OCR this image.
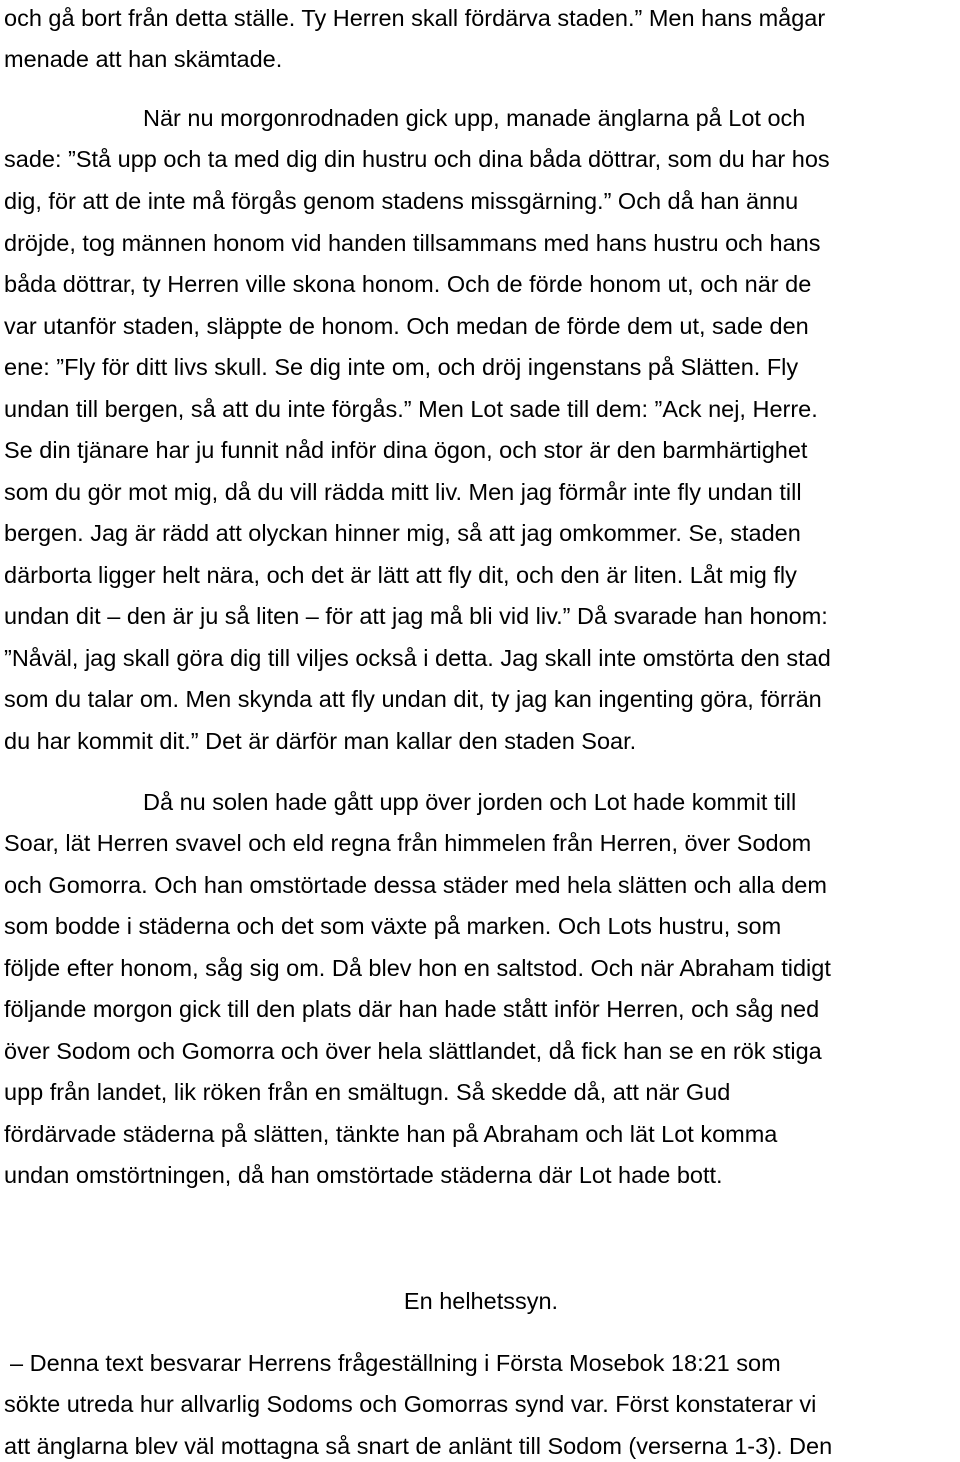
och gå bort från detta ställe. Ty Herren skall fördärva staden.” Men hans mågar
menade att han skämtade.
När nu morgonrodnaden gick upp, manade änglarna på Lot och
sade: ”Stå upp och ta med dig din hustru och dina båda döttrar, som du har hos
dig, för att de inte må förgås genom stadens missgärning.” Och då han ännu
dröjde, tog männen honom vid handen tillsammans med hans hustru och hans
båda döttrar, ty Herren ville skona honom. Och de förde honom ut, och när de
var utanför staden, släppte de honom. Och medan de förde dem ut, sade den
ene: ”Fly för ditt livs skull. Se dig inte om, och dröj ingenstans på Slätten. Fly
undan till bergen, så att du inte förgås.” Men Lot sade till dem: ”Ack nej, Herre.
Se din tjänare har ju funnit nåd inför dina ögon, och stor är den barmhärtighet
som du gör mot mig, då du vill rädda mitt liv. Men jag förmår inte fly undan till
bergen. Jag är rädd att olyckan hinner mig, så att jag omkommer. Se, staden
därborta ligger helt nära, och det är lätt att fly dit, och den är liten. Låt mig fly
undan dit – den är ju så liten – för att jag må bli vid liv.” Då svarade han honom:
”Nåväl, jag skall göra dig till viljes också i detta. Jag skall inte omstörta den stad
som du talar om. Men skynda att fly undan dit, ty jag kan ingenting göra, förrän
du har kommit dit.” Det är därför man kallar den staden Soar.
Då nu solen hade gått upp över jorden och Lot hade kommit till
Soar, lät Herren svavel och eld regna från himmelen från Herren, över Sodom
och Gomorra. Och han omstörtade dessa städer med hela slätten och alla dem
som bodde i städerna och det som växte på marken. Och Lots hustru, som
följde efter honom, såg sig om. Då blev hon en saltstod. Och när Abraham tidigt
följande morgon gick till den plats där han hade stått inför Herren, och såg ned
över Sodom och Gomorra och över hela slättlandet, då fick han se en rök stiga
upp från landet, lik röken från en smältugn. Så skedde då, att när Gud
fördärvade städerna på slätten, tänkte han på Abraham och lät Lot komma
undan omstörtningen, då han omstörtade städerna där Lot hade bott.
En helhetssyn.
– Denna text besvarar Herrens frågeställning i Första Mosebok 18:21 som
sökte utreda hur allvarlig Sodoms och Gomorras synd var. Först konstaterar vi
att änglarna blev väl mottagna så snart de anlänt till Sodom (verserna 1-3). Den
